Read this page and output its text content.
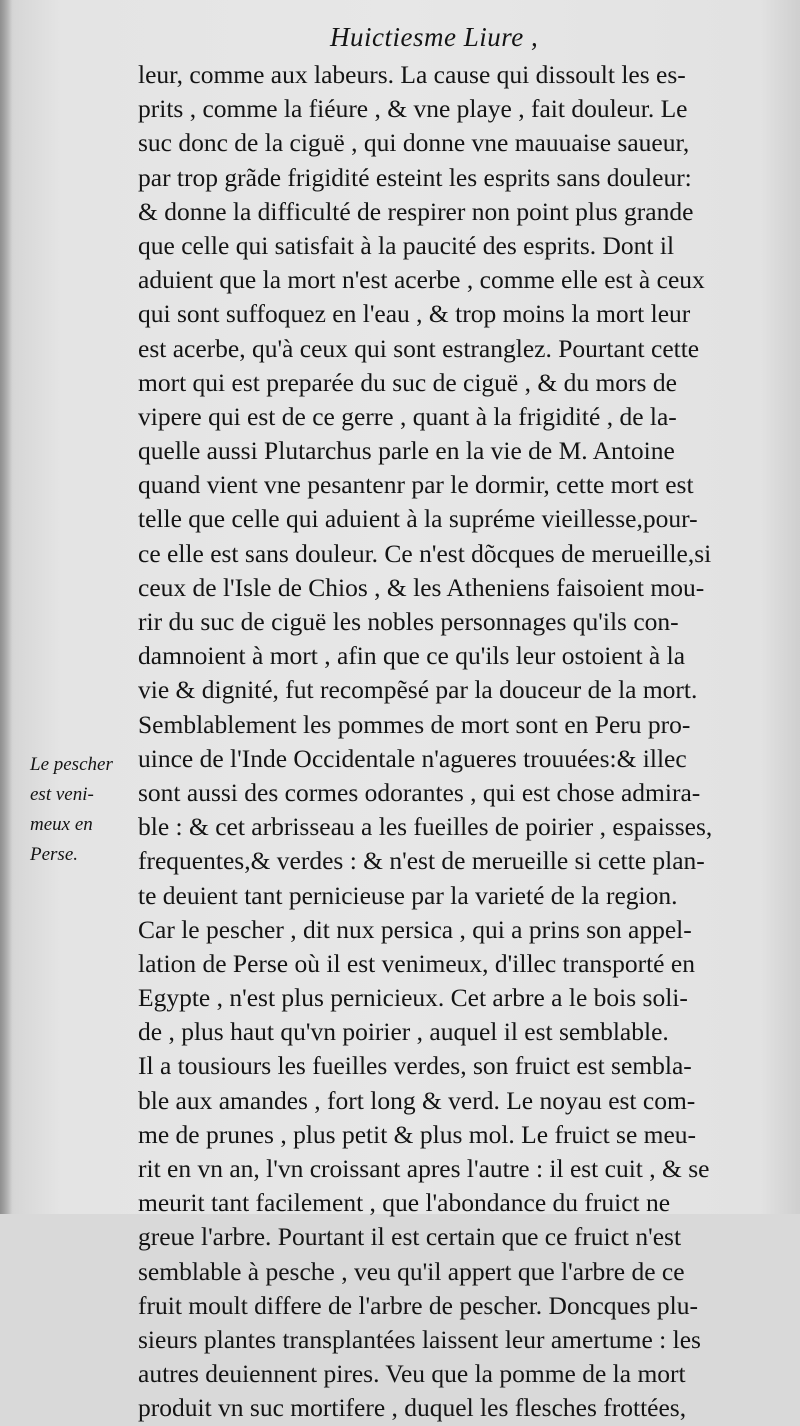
Huictiesme Liure ,
Le pescher
est veni-
meux en
Perse.
leur, comme aux labeurs. La cause qui dissoult les es-
prits , comme la fiéure , & vne playe , fait douleur. Le
suc donc de la ciguë , qui donne vne mauuaise saueur,
par trop grãde frigidité esteint les esprits sans douleur:
& donne la difficulté de respirer non point plus grande
que celle qui satisfait à la paucité des esprits. Dont il
aduient que la mort n'est acerbe , comme elle est à ceux
qui sont suffoquez en l'eau , & trop moins la mort leur
est acerbe, qu'à ceux qui sont estranglez. Pourtant cette
mort qui est preparée du suc de ciguë , & du mors de
vipere qui est de ce gerre , quant à la frigidité , de la-
quelle aussi Plutarchus parle en la vie de M. Antoine
quand vient vne pesantenr par le dormir, cette mort est
telle que celle qui aduient à la supréme vieillesse,pour-
ce elle est sans douleur. Ce n'est dõcques de merueille,si
ceux de l'Isle de Chios , & les Atheniens faisoient mou-
rir du suc de ciguë les nobles personnages qu'ils con-
damnoient à mort , afin que ce qu'ils leur ostoient à la
vie & dignité, fut recompẽsé par la douceur de la mort.
Semblablement les pommes de mort sont en Peru pro-
uince de l'Inde Occidentale n'agueres trouuées:& illec
sont aussi des cormes odorantes , qui est chose admira-
ble : & cet arbrisseau a les fueilles de poirier , espaisses,
frequentes,& verdes : & n'est de merueille si cette plan-
te deuient tant pernicieuse par la varieté de la region.
Car le pescher , dit nux persica , qui a prins son appel-
lation de Perse où il est venimeux, d'illec transporté en
Egypte , n'est plus pernicieux. Cet arbre a le bois soli-
de , plus haut qu'vn poirier , auquel il est semblable.
Il a tousiours les fueilles verdes, son fruict est sembla-
ble aux amandes , fort long & verd. Le noyau est com-
me de prunes , plus petit & plus mol. Le fruict se meu-
rit en vn an, l'vn croissant apres l'autre : il est cuit , & se
meurit tant facilement , que l'abondance du fruict ne
greue l'arbre. Pourtant il est certain que ce fruict n'est
semblable à pesche , veu qu'il appert que l'arbre de ce
fruit moult differe de l'arbre de pescher. Doncques plu-
sieurs plantes transplantées laissent leur amertume : les
autres deuiennent pires. Veu que la pomme de la mort
produit vn suc mortifere , duquel les flesches frottées,
